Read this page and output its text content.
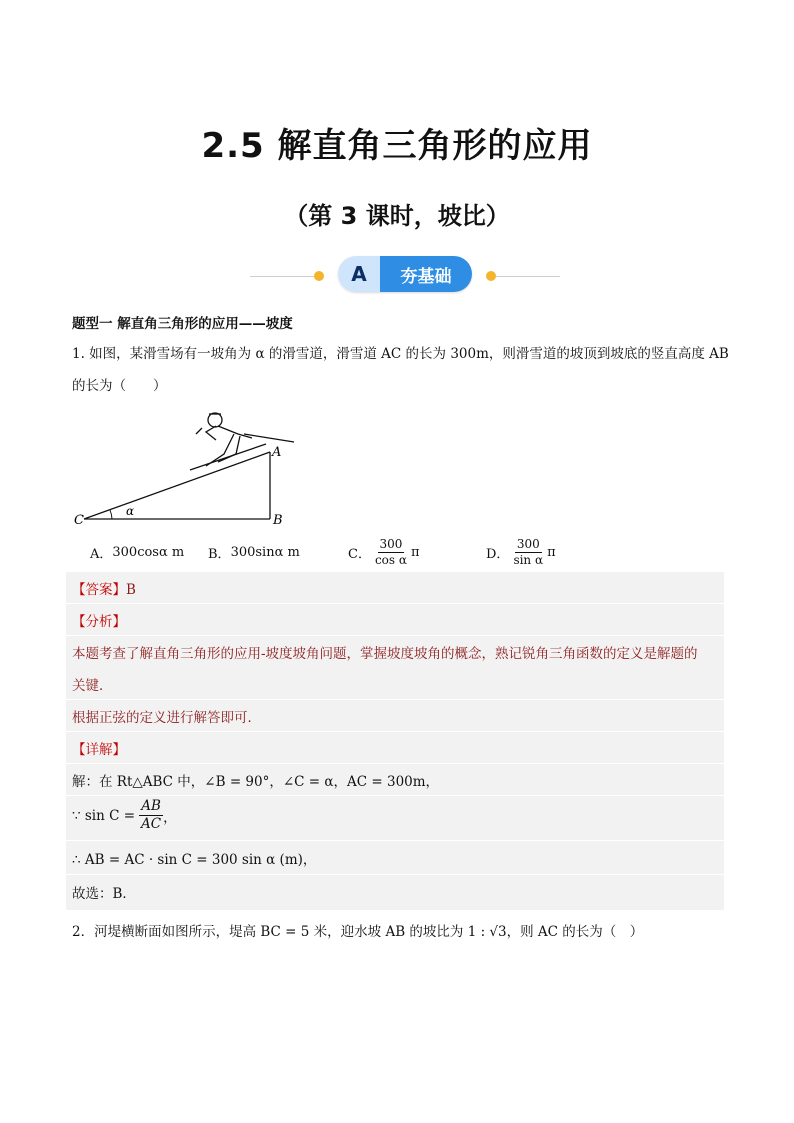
2.5 解直角三角形的应用
（第 3 课时，坡比）
A	夯基础
题型一 解直角三角形的应用——坡度
1. 如图，某滑雪场有一坡角为 α 的滑雪道，滑雪道 AC 的长为 300m，则滑雪道的坡顶到坡底的竖直高度 AB
的长为（　　）
C	B
A
α
A． 300cosα m B． 300sinα m	C． $\frac{300}{\text{cos α}}$ π	D． $\frac{300}{\text{sin α}}$ π
【答案】B
【分析】
本题考查了解直角三角形的应用-坡度坡角问题，掌握坡度坡角的概念，熟记锐角三角函数的定义是解题的
关键．
根据正弦的定义进行解答即可．
【详解】
解：在 Rt△ABC 中，∠B = 90°，∠C = α，AC = 300m，
∵ $\sin C = \frac{AB}{AC}$ ，
∴ AB = AC · sin C = 300 sin α (m)，
故选：B．
2．河堤横断面如图所示，堤高 BC = 5 米，迎水坡 AB 的坡比为 1 : √3，则 AC 的长为（　）
